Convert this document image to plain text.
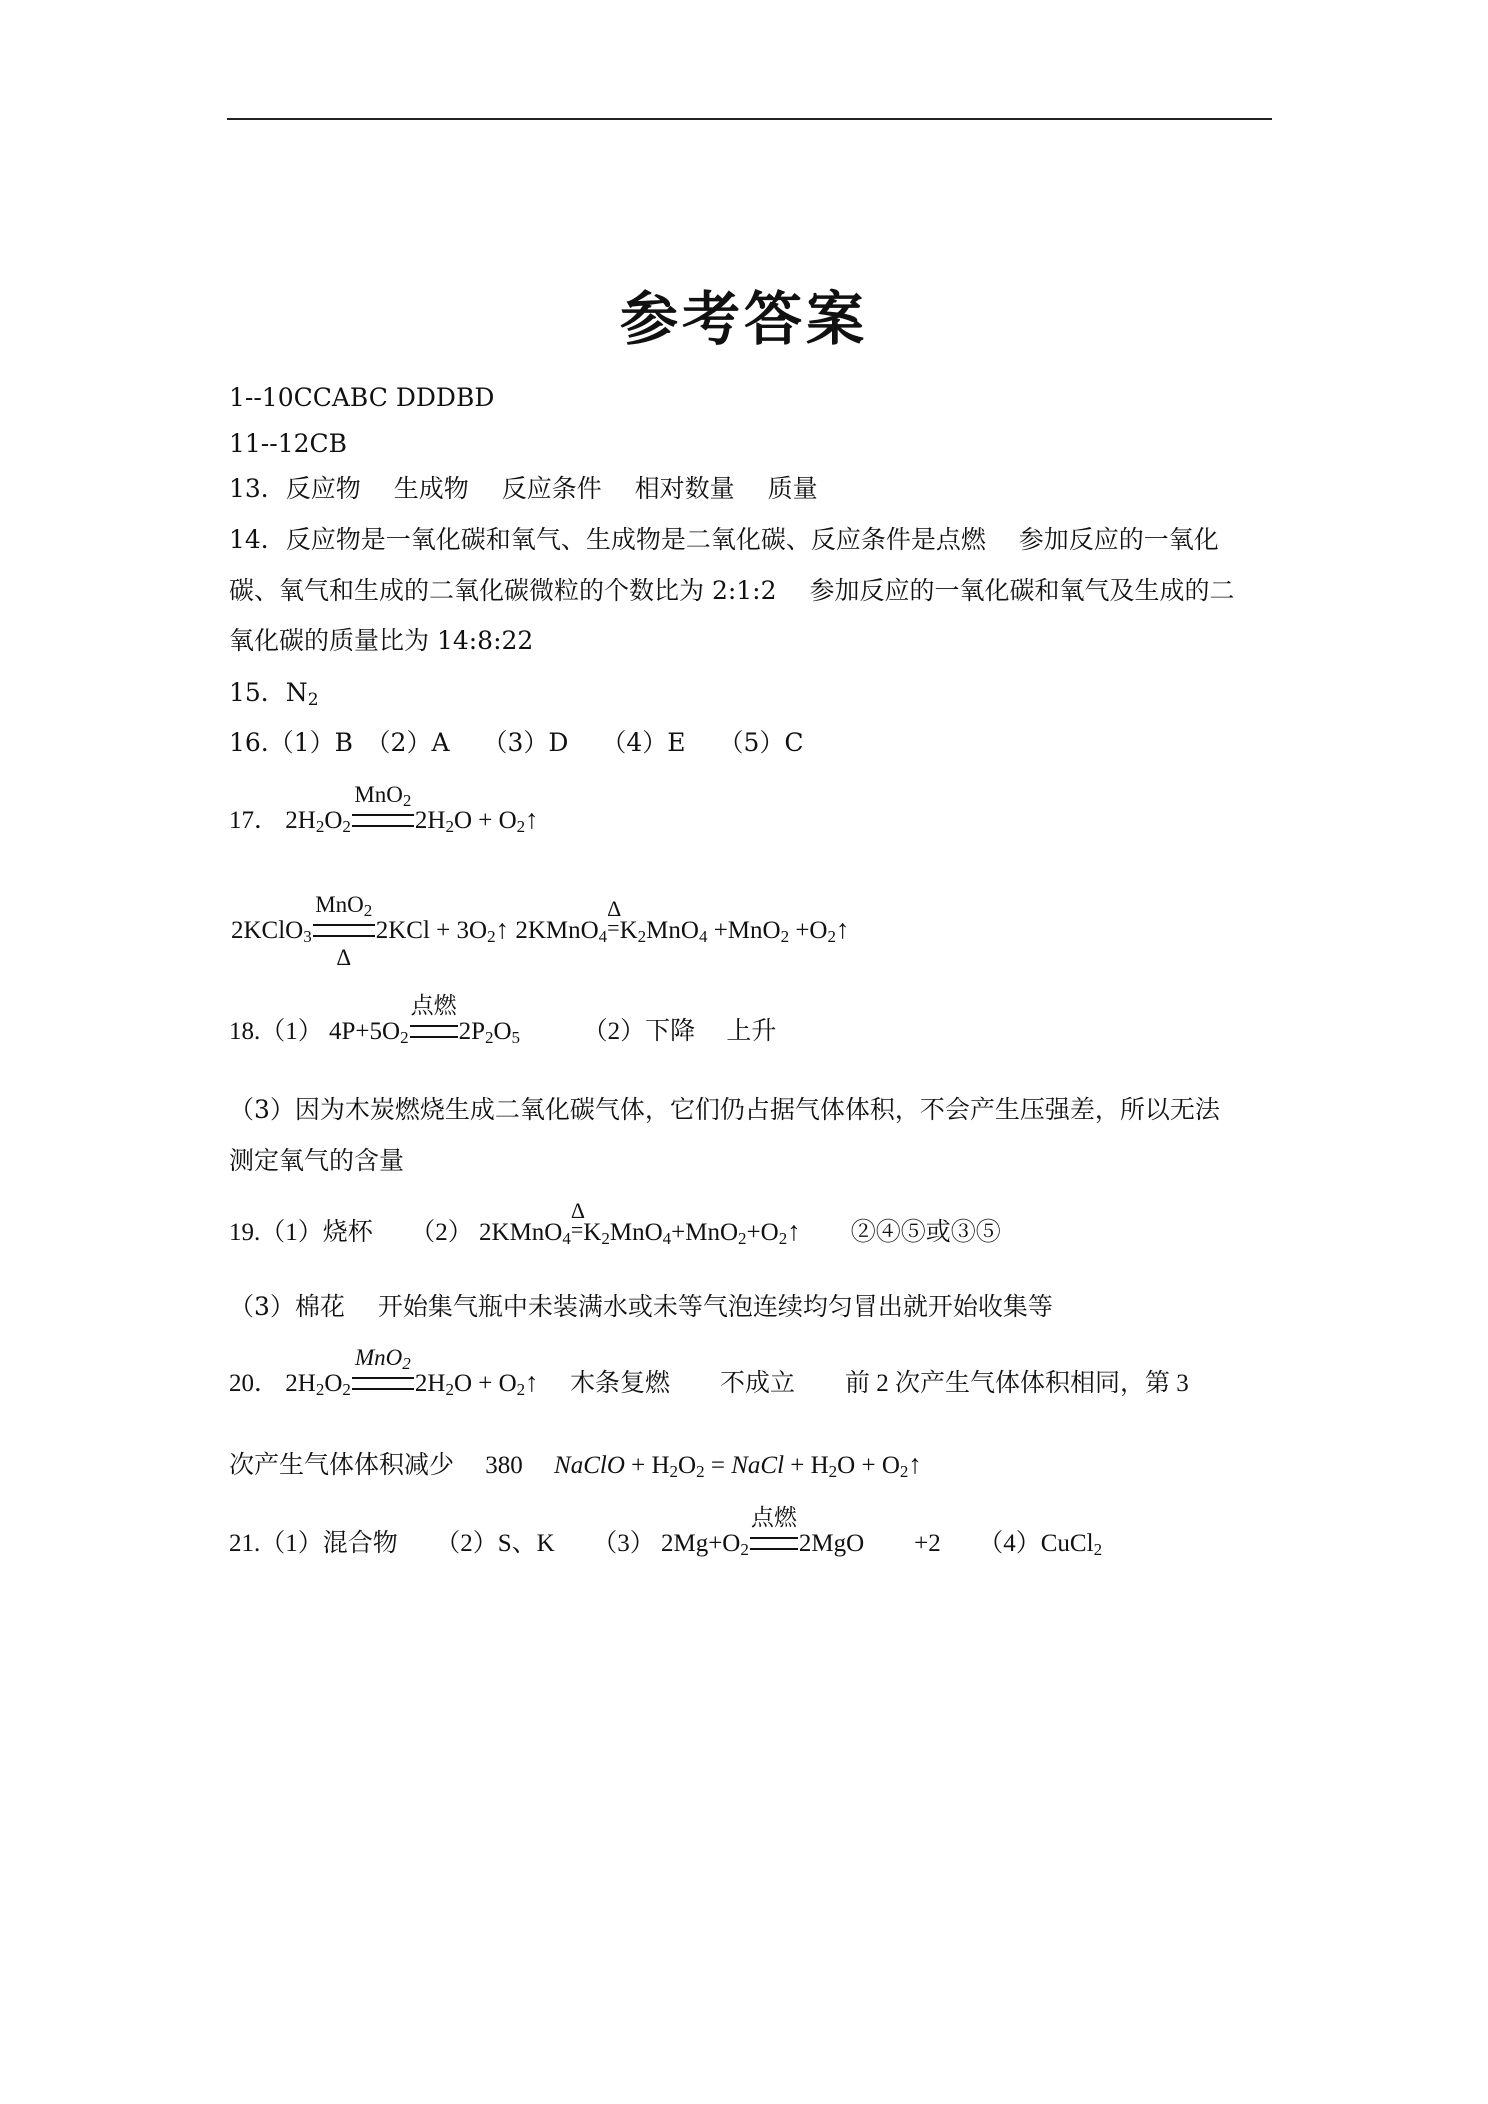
参考答案
1--10CCABC DDDBD
11--12CB
13．反应物　 生成物　 反应条件　 相对数量　 质量
14．反应物是一氧化碳和氧气、生成物是二氧化碳、反应条件是点燃　 参加反应的一氧化
碳、氧气和生成的二氧化碳微粒的个数比为 2:1:2　 参加反应的一氧化碳和氧气及生成的二
氧化碳的质量比为 14:8:22
15．$N_2$
16.（1）B　（2）A　 （3）D　 （4）E　 （5）C
17． $2H_2O_2$
MnO$_2$
$2H_2O$ + $O_2↑$
2KClO$_3$
MnO$_2$
Δ
$2KCl + 3O_2↑$ 2KMnO$_4$
Δ
$=K_2MnO_4 +MnO_2$ $+O_2↑$
18.（1） $4P+5O_2$
点燃
$2P_2O_5$　　　	（2）下降　 上升
（3）因为木炭燃烧生成二氧化碳气体，它们仍占据气体体积，不会产生压强差，所以无法
测定氧气的含量
19.（1）烧杯　　（2） 2KMnO$_4$
Δ
$=K_2MnO_4+MnO_2+O_2↑$　　 ②④⑤或③⑤
（3）棉花　 开始集气瓶中未装满水或未等气泡连续均匀冒出就开始收集等
20． $2H_2O_2$
MnO$_2$
$2H_2O$ + $O_2↑$　 木条复燃　　不成立　　前 2 次产生气体体积相同，第 3
次产生气体体积减少　 380　 NaClO + $H_2O_2$ = NaCl + $H_2O$ + $O_2↑$
21.（1）混合物　　（2）S、K　　（3） $2Mg+O_2$
点燃
2MgO　　+2　　（4）CuCl$_2$
